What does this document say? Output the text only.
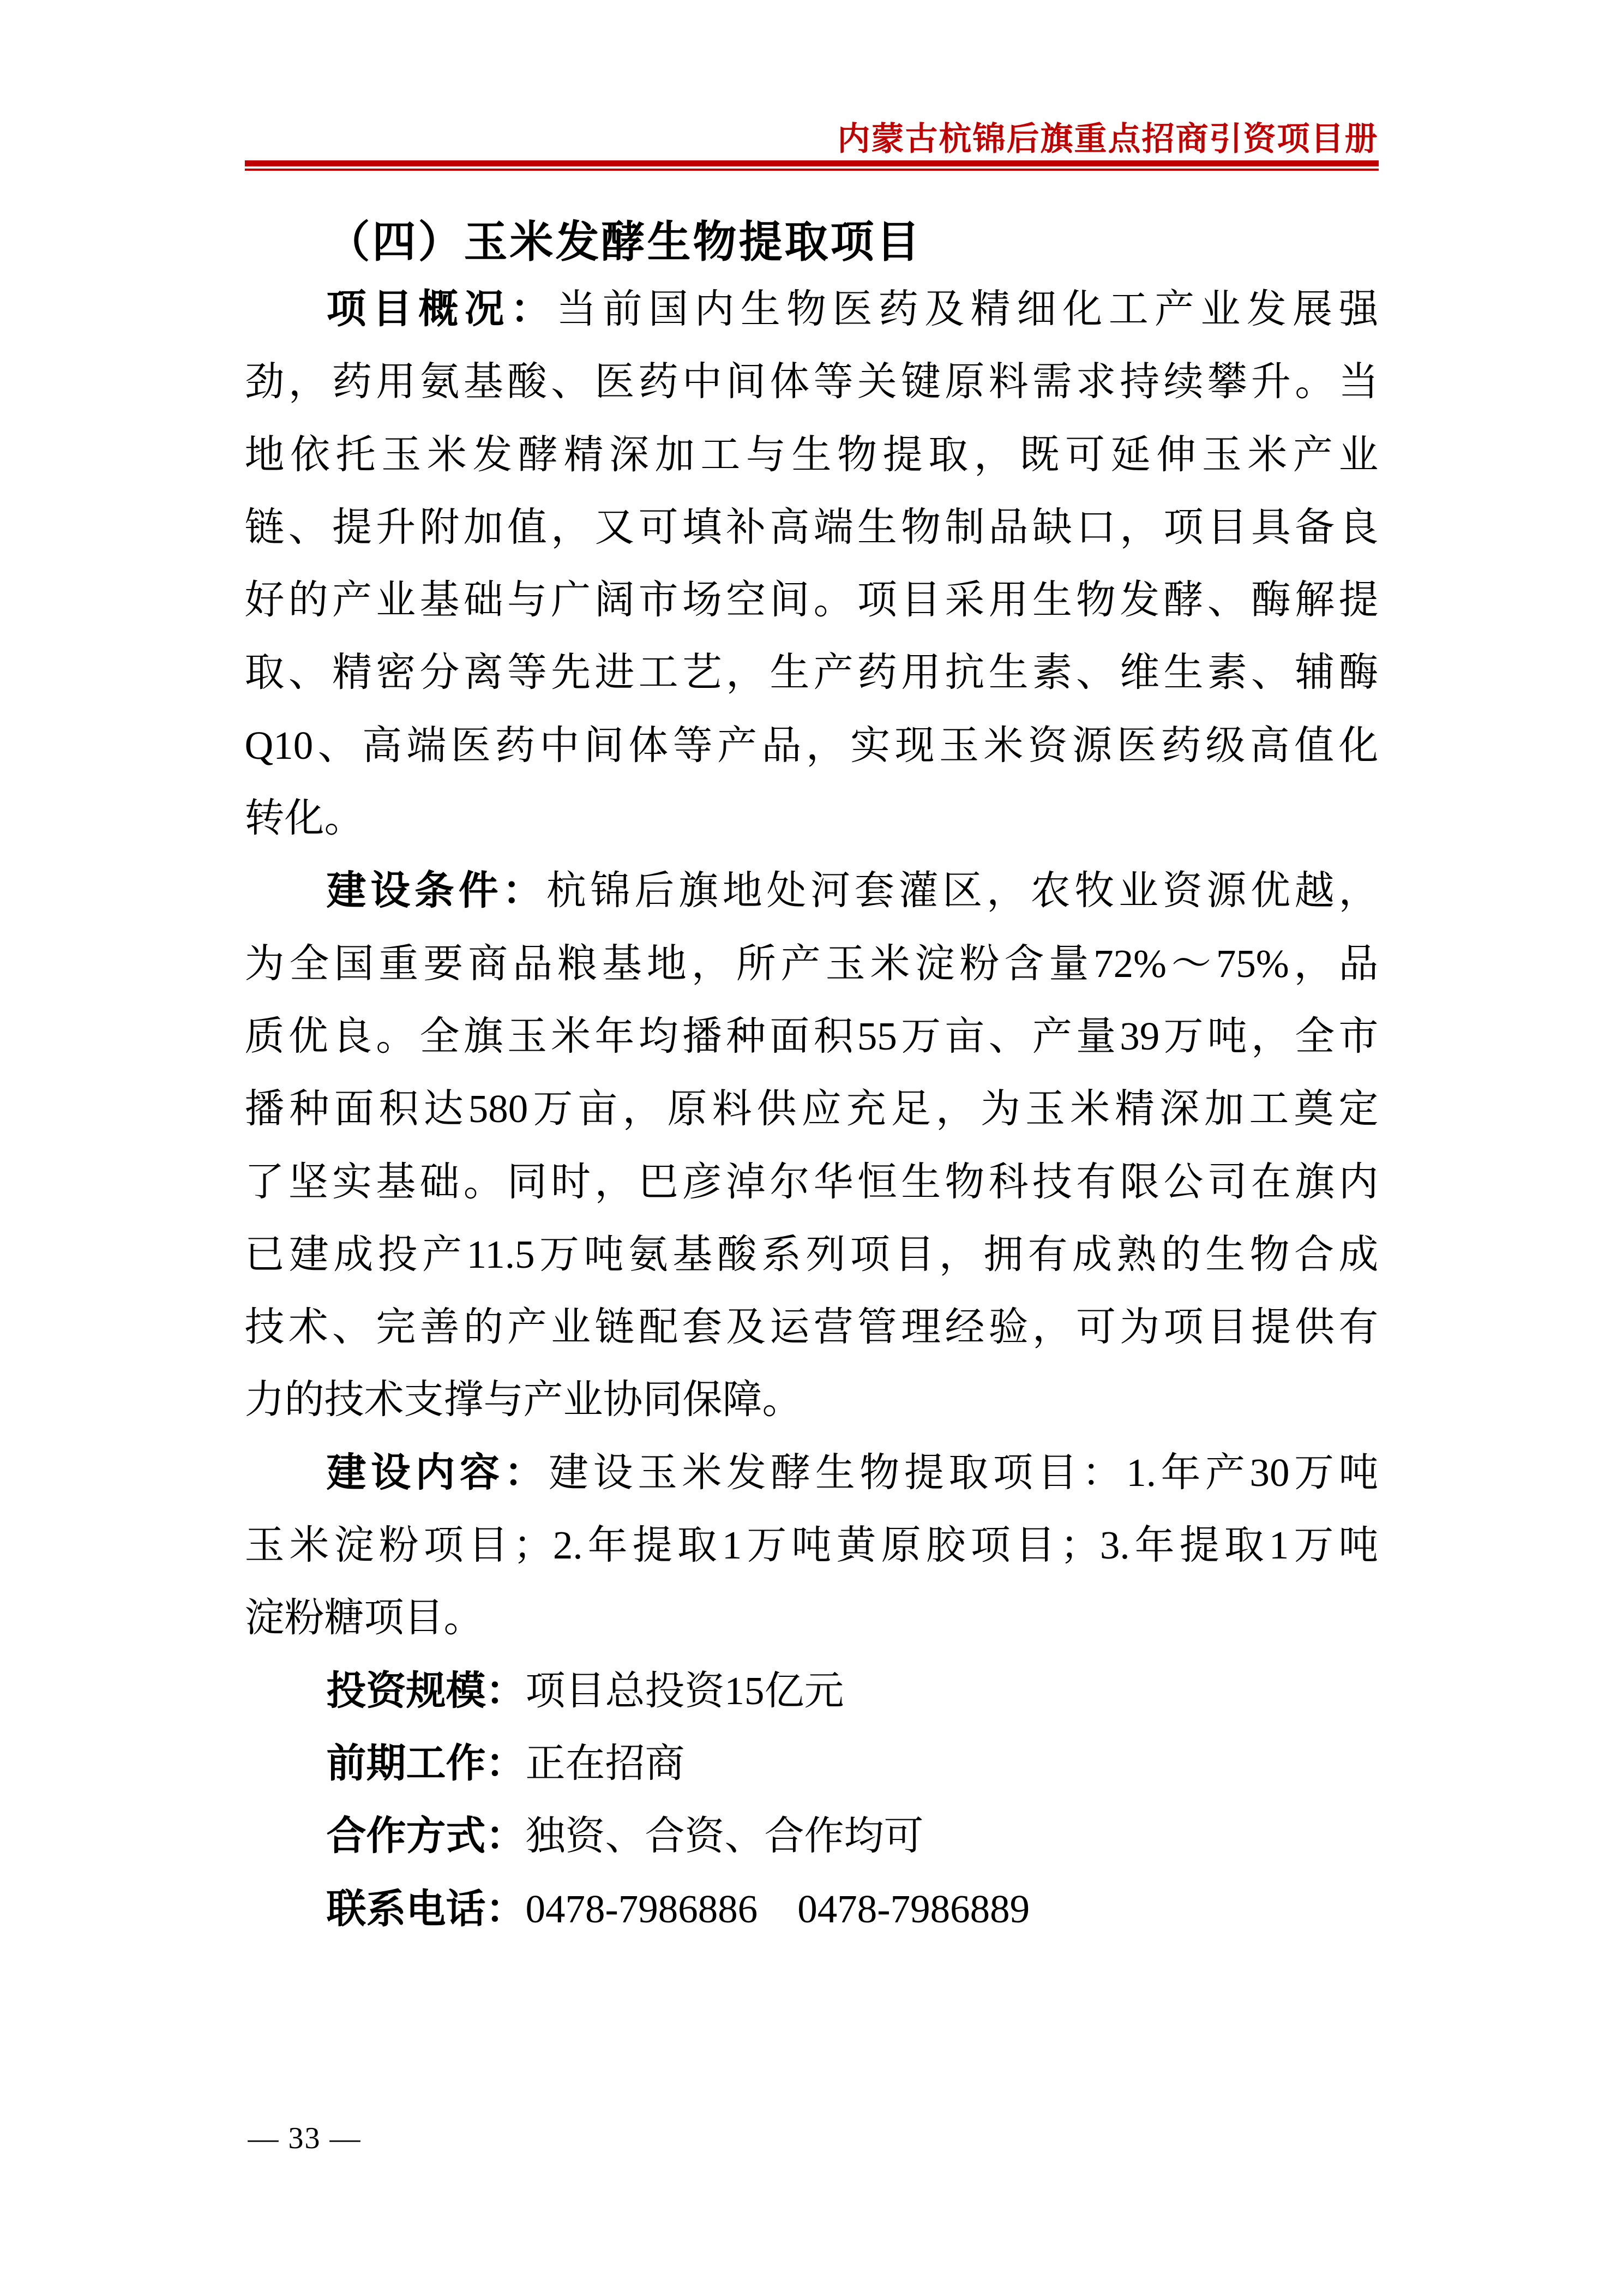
内蒙古杭锦后旗重点招商引资项目册
（四）玉米发酵生物提取项目
项目概况：当前国内生物医药及精细化工产业发展强
劲，药用氨基酸、医药中间体等关键原料需求持续攀升。当
地依托玉米发酵精深加工与生物提取，既可延伸玉米产业
链、提升附加值，又可填补高端生物制品缺口，项目具备良
好的产业基础与广阔市场空间。项目采用生物发酵、酶解提
取、精密分离等先进工艺，生产药用抗生素、维生素、辅酶
Q10、高端医药中间体等产品，实现玉米资源医药级高值化
转化。
建设条件：杭锦后旗地处河套灌区，农牧业资源优越，
为全国重要商品粮基地，所产玉米淀粉含量72%～75%，品
质优良。全旗玉米年均播种面积55万亩、产量39万吨，全市
播种面积达580万亩，原料供应充足，为玉米精深加工奠定
了坚实基础。同时，巴彦淖尔华恒生物科技有限公司在旗内
已建成投产11.5万吨氨基酸系列项目，拥有成熟的生物合成
技术、完善的产业链配套及运营管理经验，可为项目提供有
力的技术支撑与产业协同保障。
建设内容：建设玉米发酵生物提取项目：1.年产30万吨
玉米淀粉项目；2.年提取1万吨黄原胶项目；3.年提取1万吨
淀粉糖项目。
投资规模：项目总投资15亿元
前期工作：正在招商
合作方式：独资、合资、合作均可
联系电话：0478-7986886　0478-7986889
— 33 —
